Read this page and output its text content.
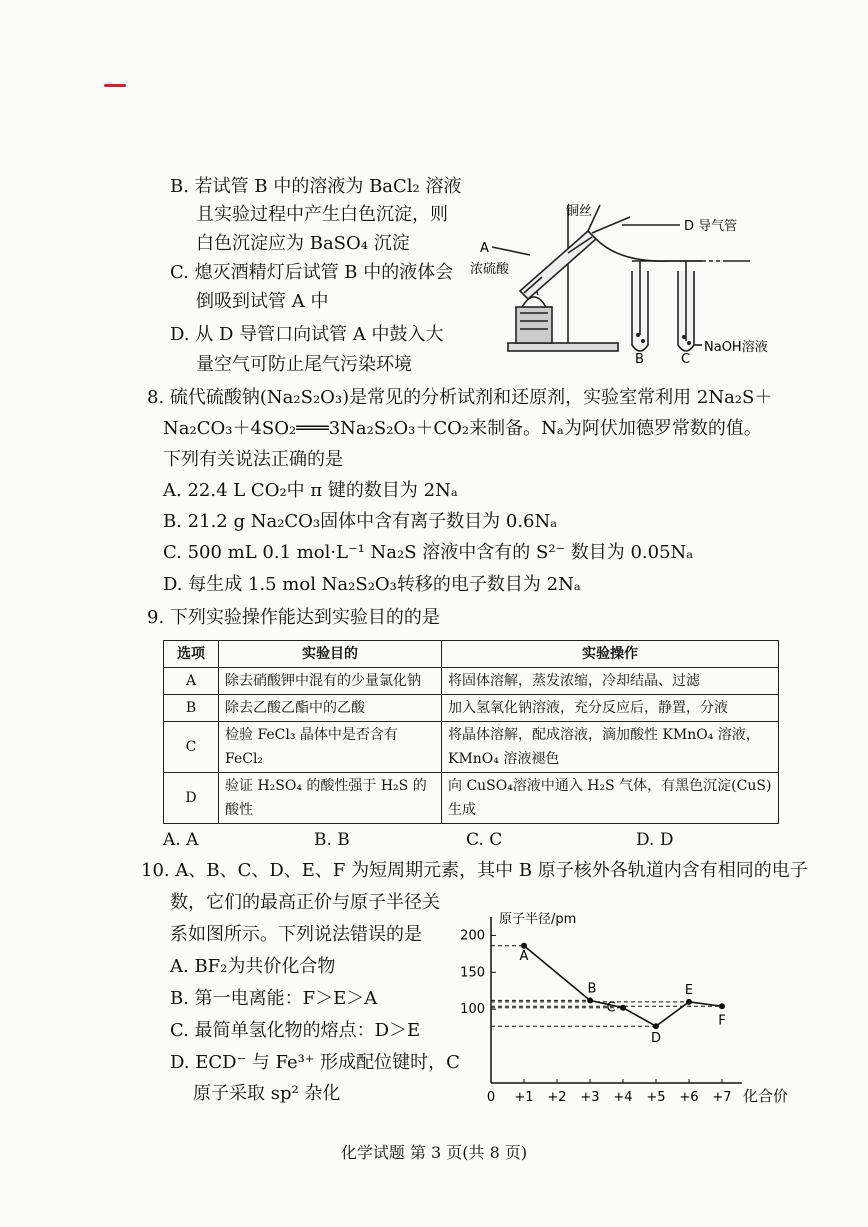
B. 若试管 B 中的溶液为 BaCl₂ 溶液
且实验过程中产生白色沉淀，则
白色沉淀应为 BaSO₄ 沉淀
C. 熄灭酒精灯后试管 B 中的液体会
倒吸到试管 A 中
D. 从 D 导管口向试管 A 中鼓入大
量空气可防止尾气污染环境
铜丝
D 导气管
A
浓硫酸
B	C
NaOH溶液
8. 硫代硫酸钠(Na₂S₂O₃)是常见的分析试剂和还原剂，实验室常利用 2Na₂S＋
Na₂CO₃＋4SO₂═══3Na₂S₂O₃＋CO₂来制备。Nₐ为阿伏加德罗常数的值。
下列有关说法正确的是
A. 22.4 L CO₂中 π 键的数目为 2Nₐ
B. 21.2 g Na₂CO₃固体中含有离子数目为 0.6Nₐ
C. 500 mL 0.1 mol·L⁻¹ Na₂S 溶液中含有的 S²⁻ 数目为 0.05Nₐ
D. 每生成 1.5 mol Na₂S₂O₃转移的电子数目为 2Nₐ
9. 下列实验操作能达到实验目的的是
选项	实验目的	实验操作
A	除去硝酸钾中混有的少量氯化钠	将固体溶解，蒸发浓缩，冷却结晶、过滤
B	除去乙酸乙酯中的乙酸	加入氢氧化钠溶液，充分反应后，静置，分液
C	检验 FeCl₃ 晶体中是否含有 FeCl₂	将晶体溶解，配成溶液，滴加酸性 KMnO₄ 溶液，KMnO₄ 溶液褪色
D	验证 H₂SO₄ 的酸性强于 H₂S 的酸性	向 CuSO₄溶液中通入 H₂S 气体，有黑色沉淀(CuS)生成
A. A	B. B	C. C	D. D
10. A、B、C、D、E、F 为短周期元素，其中 B 原子核外各轨道内含有相同的电子
数，它们的最高正价与原子半径关
系如图所示。下列说法错误的是
A. BF₂为共价化合物
B. 第一电离能：F＞E＞A
C. 最简单氢化物的熔点：D＞E
D. ECD⁻ 与 Fe³⁺ 形成配位键时，C
原子采取 sp² 杂化	0 +1 +2 +3 +4 +5 +6 +7
100
150
200
A
B
C
D
E
F
原子半径/pm
化合价
化学试题 第 3 页(共 8 页)
